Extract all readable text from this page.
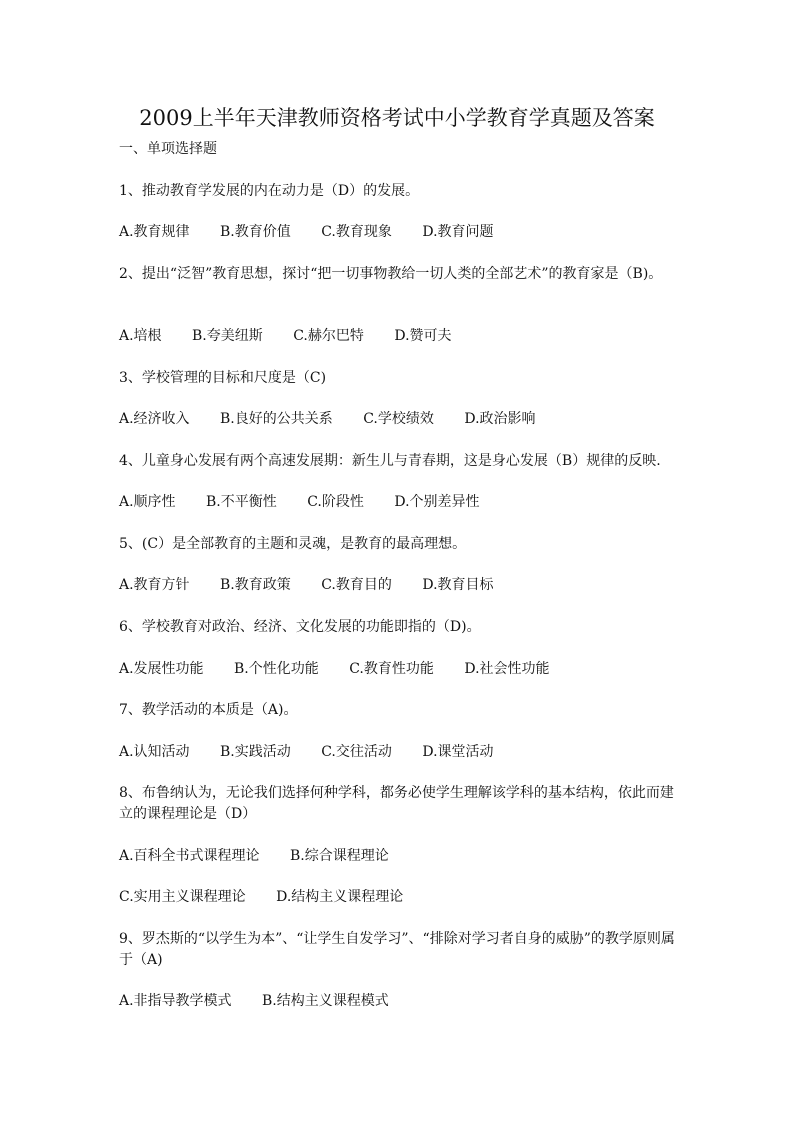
2009上半年天津教师资格考试中小学教育学真题及答案
一、单项选择题
1、推动教育学发展的内在动力是（D）的发展。
A.教育规律 B.教育价值 C.教育现象 D.教育问题
2、提出“泛智”教育思想，探讨“把一切事物教给一切人类的全部艺术”的教育家是（B)。
A.培根 B.夸美纽斯 C.赫尔巴特 D.赞可夫
3、学校管理的目标和尺度是（C)
A.经济收入 B.良好的公共关系 C.学校绩效 D.政治影响
4、儿童身心发展有两个高速发展期：新生儿与青春期，这是身心发展（B）规律的反映.
A.顺序性 B.不平衡性 C.阶段性 D.个别差异性
5、(C）是全部教育的主题和灵魂，是教育的最高理想。
A.教育方针 B.教育政策 C.教育目的 D.教育目标
6、学校教育对政治、经济、文化发展的功能即指的（D)。
A.发展性功能 B.个性化功能 C.教育性功能 D.社会性功能
7、教学活动的本质是（A)。
A.认知活动 B.实践活动 C.交往活动 D.课堂活动
8、布鲁纳认为，无论我们选择何种学科，都务必使学生理解该学科的基本结构，依此而建立的课程理论是（D）
A.百科全书式课程理论 B.综合课程理论
C.实用主义课程理论 D.结构主义课程理论
9、罗杰斯的“以学生为本”、“让学生自发学习”、“排除对学习者自身的威胁”的教学原则属于（A)
A.非指导教学模式 B.结构主义课程模式
